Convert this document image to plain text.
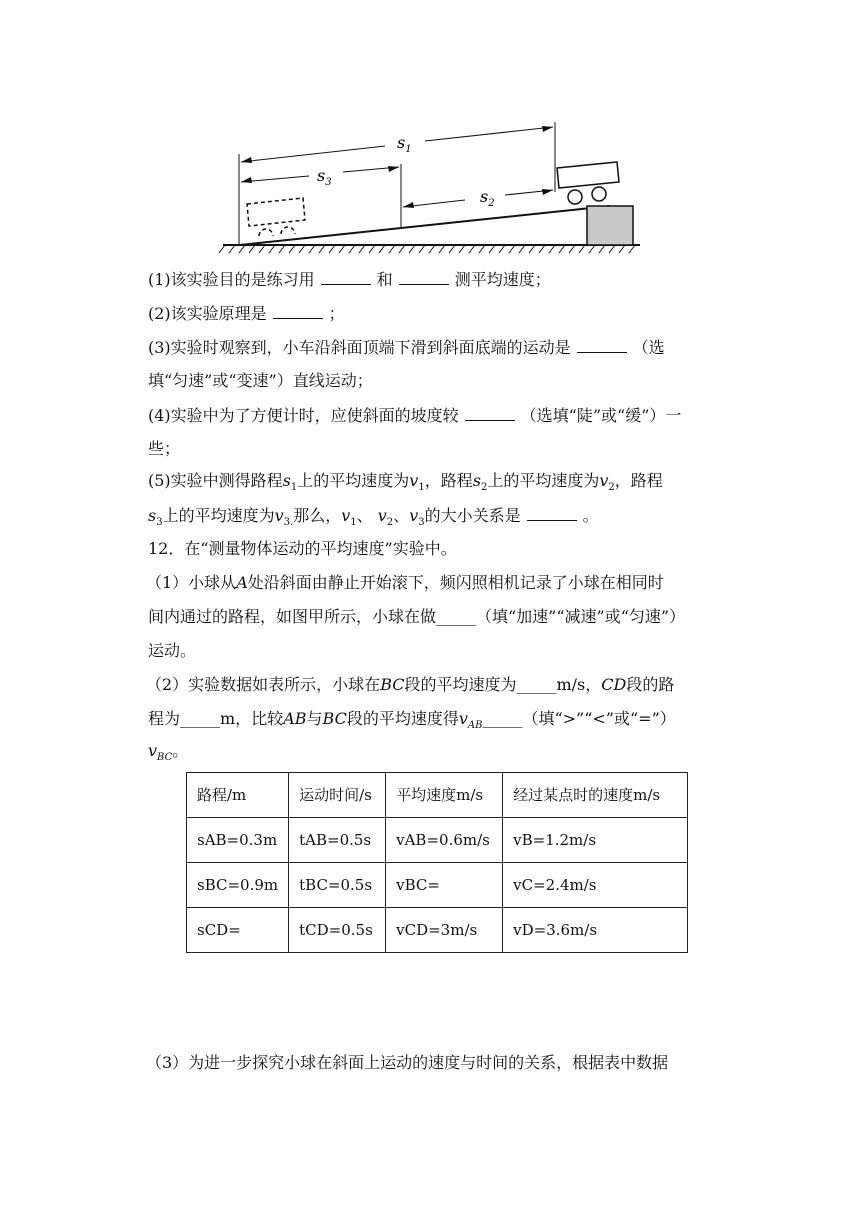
$s_1$
$s_3$
$s_2$
(1)该实验目的是练习用	和	测平均速度；
(2)该实验原理是	；
(3)实验时观察到，小车沿斜面顶端下滑到斜面底端的运动是	（选
填“匀速”或“变速”）直线运动；
(4)实验中为了方便计时，应使斜面的坡度较	（选填“陡”或“缓”）一
些；
(5)实验中测得路程$s_1$上的平均速度为$v_1$，路程$s_2$上的平均速度为$v_2$，路程
$s_3$上的平均速度为$v_{3.}$那么，$v_1$、 $v_2$、$v_3$的大小关系是	。
12．在“测量物体运动的平均速度”实验中。
（1）小球从A处沿斜面由静止开始滚下，频闪照相机记录了小球在相同时
间内通过的路程，如图甲所示，小球在做_____（填“加速”“减速”或“匀速”）
运动。
（2）实验数据如表所示，小球在BC段的平均速度为_____m/s，CD段的路
程为_____m，比较AB与BC段的平均速度得$v_{AB}\_\_\_\_\_$（填“>”“<”或“=”）
$v_{BC}$。
路程/m	运动时间/s	平均速度m/s	经过某点时的速度m/s
sAB=0.3m	tAB=0.5s	vAB=0.6m/s	vB=1.2m/s
sBC=0.9m	tBC=0.5s	vBC=	vC=2.4m/s
sCD=	tCD=0.5s	vCD=3m/s	vD=3.6m/s
（3）为进一步探究小球在斜面上运动的速度与时间的关系，根据表中数据
